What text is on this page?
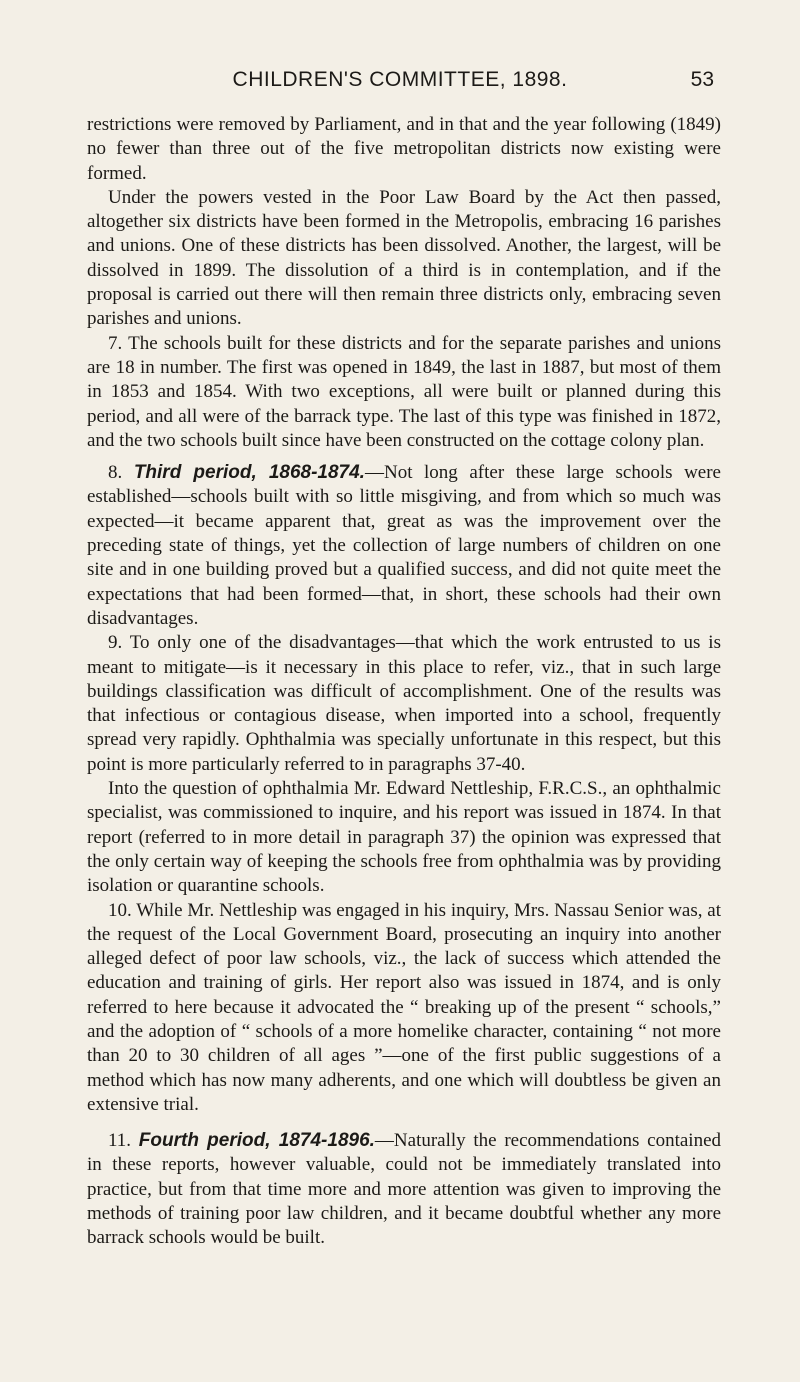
CHILDREN'S COMMITTEE, 1898.	53

restrictions were removed by Parliament, and in that and the year following (1849) no fewer than three out of the five metropolitan districts now existing were formed.

Under the powers vested in the Poor Law Board by the Act then passed, altogether six districts have been formed in the Metropolis, embracing 16 parishes and unions. One of these districts has been dissolved. Another, the largest, will be dissolved in 1899. The dissolution of a third is in contemplation, and if the proposal is carried out there will then remain three districts only, embracing seven parishes and unions.

7. The schools built for these districts and for the separate parishes and unions are 18 in number. The first was opened in 1849, the last in 1887, but most of them in 1853 and 1854. With two exceptions, all were built or planned during this period, and all were of the barrack type. The last of this type was finished in 1872, and the two schools built since have been constructed on the cottage colony plan.

8. Third period, 1868-1874.—Not long after these large schools were established—schools built with so little misgiving, and from which so much was expected—it became apparent that, great as was the improvement over the preceding state of things, yet the collection of large numbers of children on one site and in one building proved but a qualified success, and did not quite meet the expectations that had been formed—that, in short, these schools had their own disadvantages.

9. To only one of the disadvantages—that which the work entrusted to us is meant to mitigate—is it necessary in this place to refer, viz., that in such large buildings classification was difficult of accomplishment. One of the results was that infectious or contagious disease, when imported into a school, frequently spread very rapidly. Ophthalmia was specially unfortunate in this respect, but this point is more particularly referred to in paragraphs 37-40.

Into the question of ophthalmia Mr. Edward Nettleship, F.R.C.S., an ophthalmic specialist, was commissioned to inquire, and his report was issued in 1874. In that report (referred to in more detail in paragraph 37) the opinion was expressed that the only certain way of keeping the schools free from ophthalmia was by providing isolation or quarantine schools.

10. While Mr. Nettleship was engaged in his inquiry, Mrs. Nassau Senior was, at the request of the Local Government Board, prosecuting an inquiry into another alleged defect of poor law schools, viz., the lack of success which attended the education and training of girls. Her report also was issued in 1874, and is only referred to here because it advocated the “ breaking up of the present “ schools,” and the adoption of “ schools of a more homelike character, containing “ not more than 20 to 30 children of all ages ”—one of the first public suggestions of a method which has now many adherents, and one which will doubtless be given an extensive trial.

11. Fourth period, 1874-1896.—Naturally the recommendations contained in these reports, however valuable, could not be immediately translated into practice, but from that time more and more attention was given to improving the methods of training poor law children, and it became doubtful whether any more barrack schools would be built.
